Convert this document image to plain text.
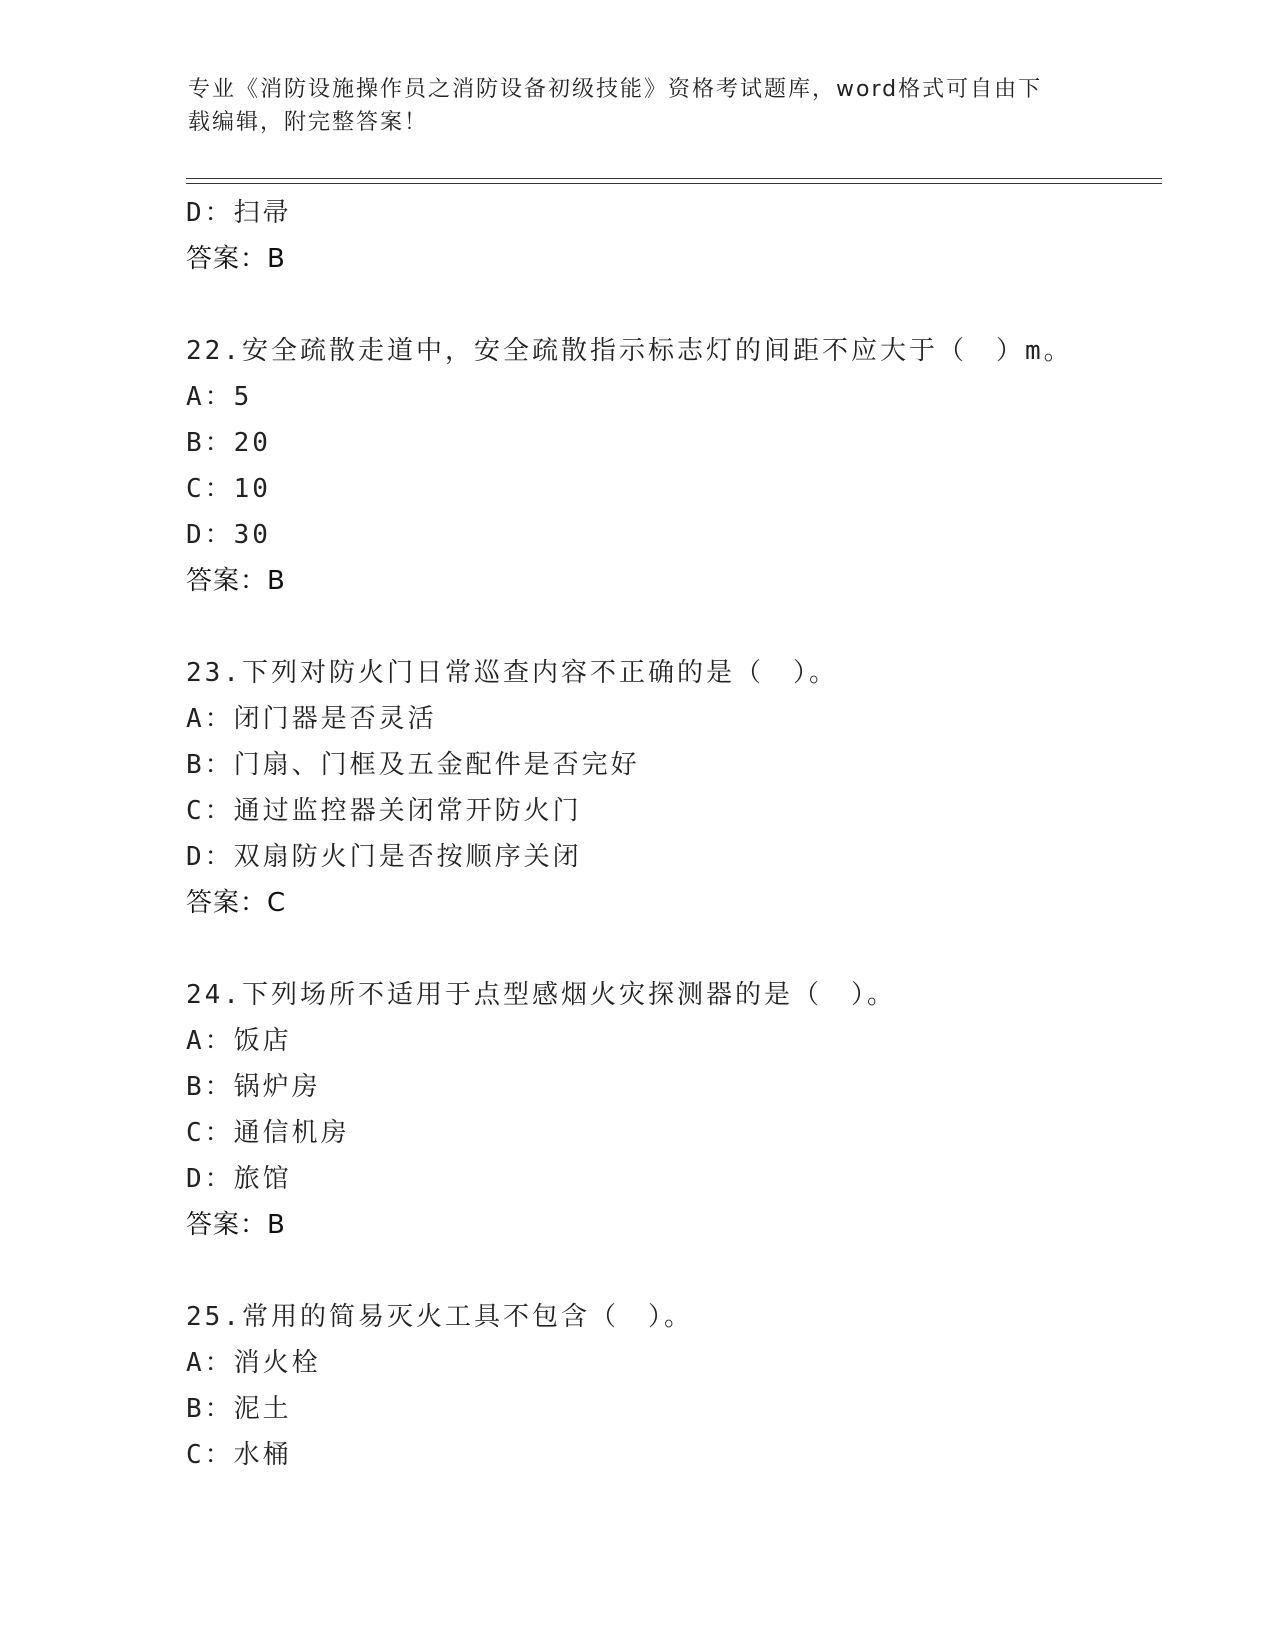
专业《消防设施操作员之消防设备初级技能》资格考试题库，word格式可自由下
载编辑，附完整答案！
D：扫帚
答案：B
22.安全疏散走道中，安全疏散指示标志灯的间距不应大于（　）m。
A：5
B：20
C：10
D：30
答案：B
23.下列对防火门日常巡查内容不正确的是（　）。
A：闭门器是否灵活
B：门扇、门框及五金配件是否完好
C：通过监控器关闭常开防火门
D：双扇防火门是否按顺序关闭
答案：C
24.下列场所不适用于点型感烟火灾探测器的是（　）。
A：饭店
B：锅炉房
C：通信机房
D：旅馆
答案：B
25.常用的简易灭火工具不包含（　）。
A：消火栓
B：泥土
C：水桶
